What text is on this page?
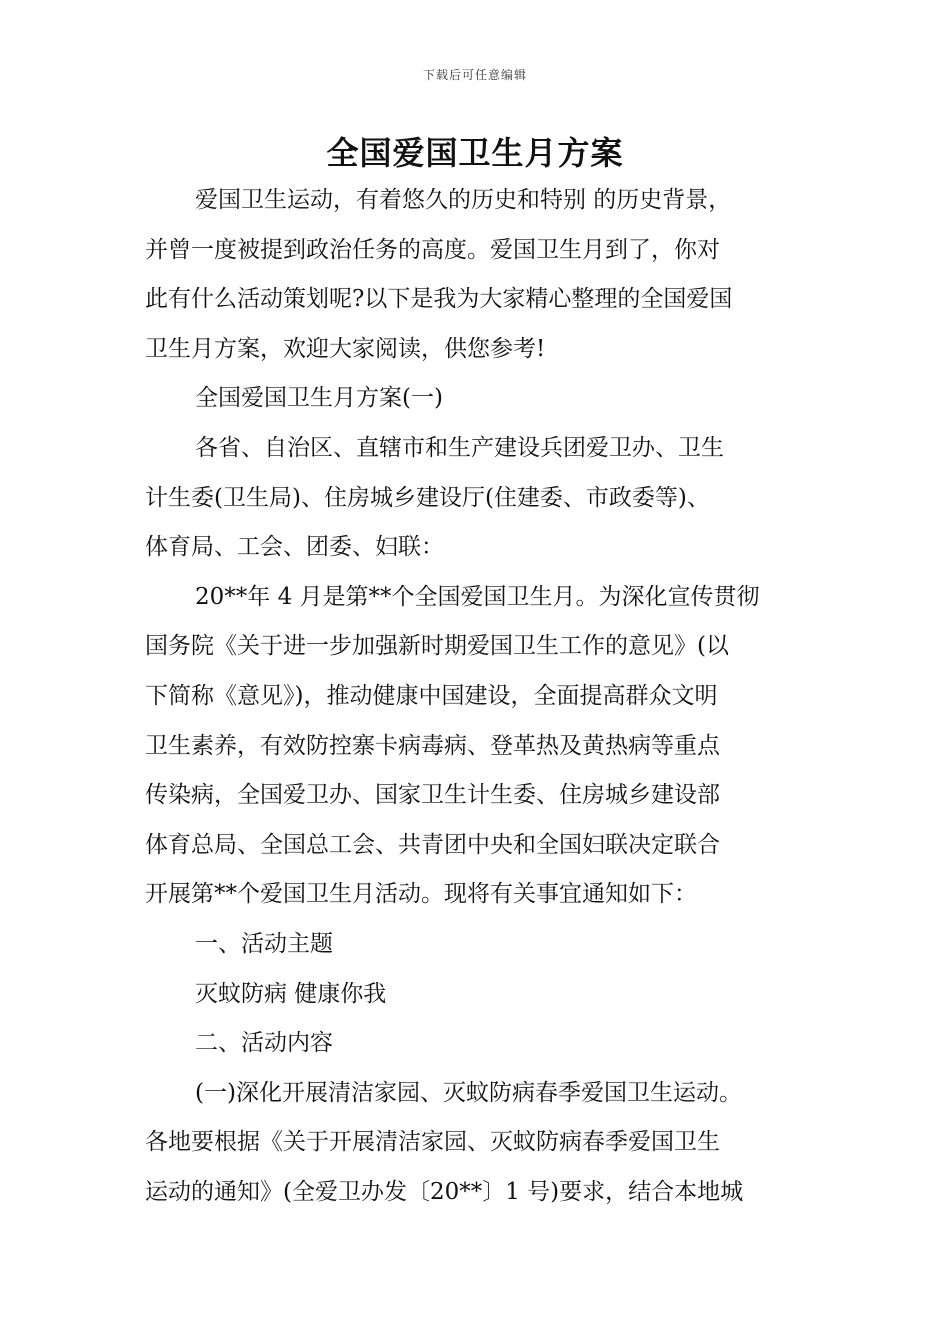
下载后可任意编辑
全国爱国卫生月方案
爱国卫生运动，有着悠久的历史和特别 的历史背景，
并曾一度被提到政治任务的高度。爱国卫生月到了，你对
此有什么活动策划呢?以下是我为大家精心整理的全国爱国
卫生月方案，欢迎大家阅读，供您参考!
全国爱国卫生月方案(一)
各省、自治区、直辖市和生产建设兵团爱卫办、卫生
计生委(卫生局)、住房城乡建设厅(住建委、市政委等)、
体育局、工会、团委、妇联：
20**年 4 月是第**个全国爱国卫生月。为深化宣传贯彻
国务院《关于进一步加强新时期爱国卫生工作的意见》(以
下简称《意见》)，推动健康中国建设，全面提高群众文明
卫生素养，有效防控寨卡病毒病、登革热及黄热病等重点
传染病，全国爱卫办、国家卫生计生委、住房城乡建设部
体育总局、全国总工会、共青团中央和全国妇联决定联合
开展第**个爱国卫生月活动。现将有关事宜通知如下：
一、活动主题
灭蚊防病 健康你我
二、活动内容
(一)深化开展清洁家园、灭蚊防病春季爱国卫生运动。
各地要根据《关于开展清洁家园、灭蚊防病春季爱国卫生
运动的通知》(全爱卫办发〔20**〕1 号)要求，结合本地城
